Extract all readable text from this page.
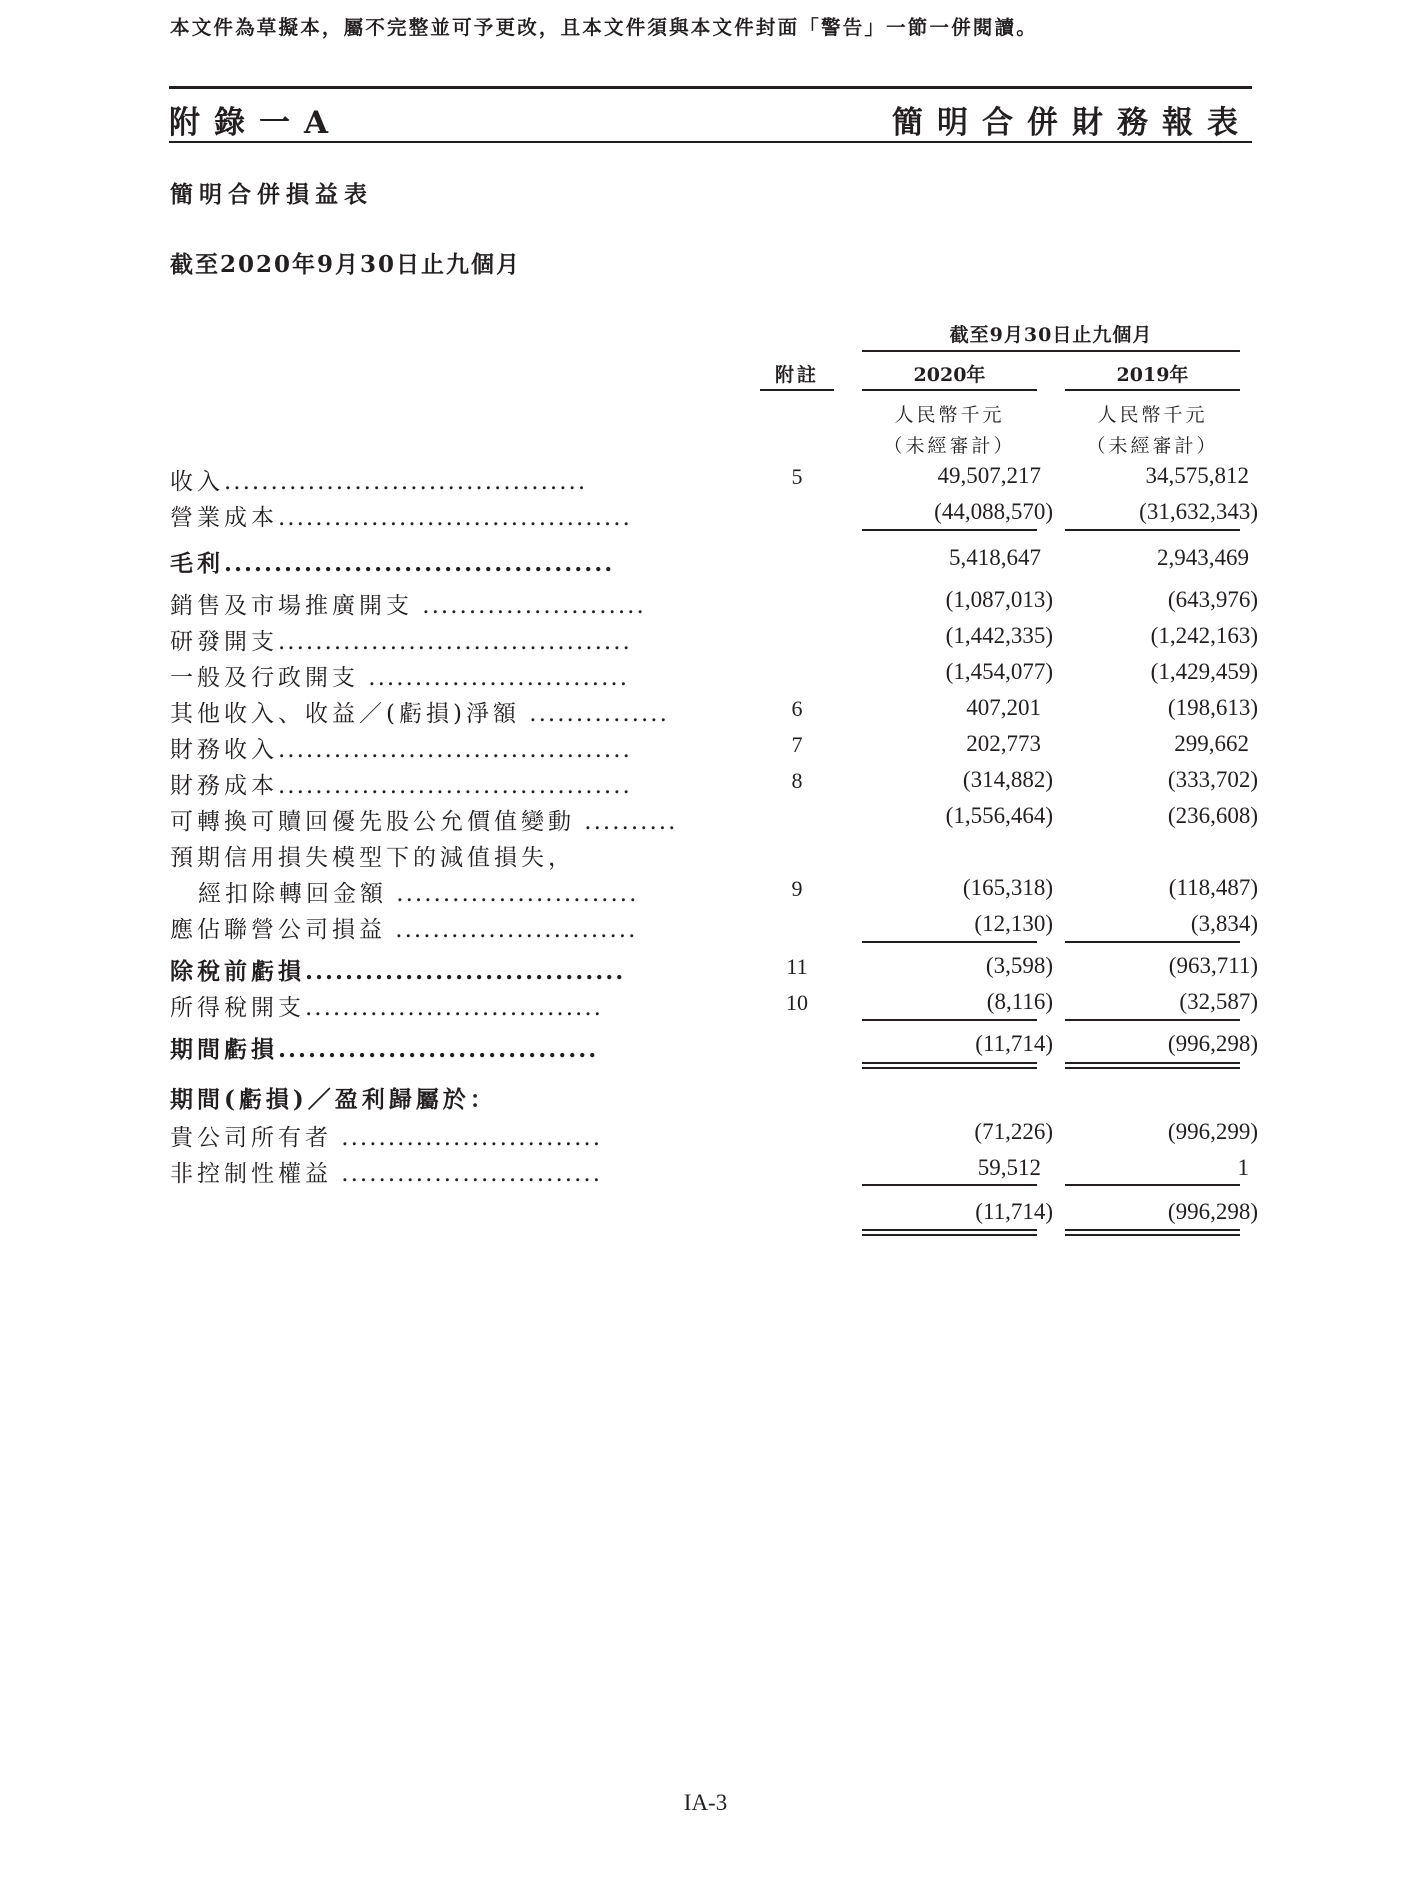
本文件為草擬本，屬不完整並可予更改，且本文件須與本文件封面「警告」一節一併閱讀。
附錄一A	簡明合併財務報表
簡明合併損益表
截至2020年9月30日止九個月
截至9月30日止九個月
附註	2020年	2019年
人民幣千元	人民幣千元
（未經審計）	（未經審計）
收入.......................................	5	49,507,217	34,575,812
營業成本......................................	(44,088,570)	(31,632,343)
毛利.......................................	5,418,647	2,943,469
銷售及市場推廣開支 ........................	(1,087,013)	(643,976)
研發開支......................................	(1,442,335)	(1,242,163)
一般及行政開支 ............................	(1,454,077)	(1,429,459)
其他收入、收益／(虧損)淨額 ...............	6	407,201	(198,613)
財務收入......................................	7	202,773	299,662
財務成本......................................	8	(314,882)	(333,702)
可轉換可贖回優先股公允價值變動 ..........	(1,556,464)	(236,608)
預期信用損失模型下的減值損失，
經扣除轉回金額 ..........................	9	(165,318)	(118,487)
應佔聯營公司損益 ..........................	(12,130)	(3,834)
除稅前虧損................................	11	(3,598)	(963,711)
所得稅開支................................	10	(8,116)	(32,587)
期間虧損................................	(11,714)	(996,298)
期間(虧損)／盈利歸屬於：
貴公司所有者 ............................	(71,226)	(996,299)
非控制性權益 ............................	59,512	1
(11,714)	(996,298)
IA-3
